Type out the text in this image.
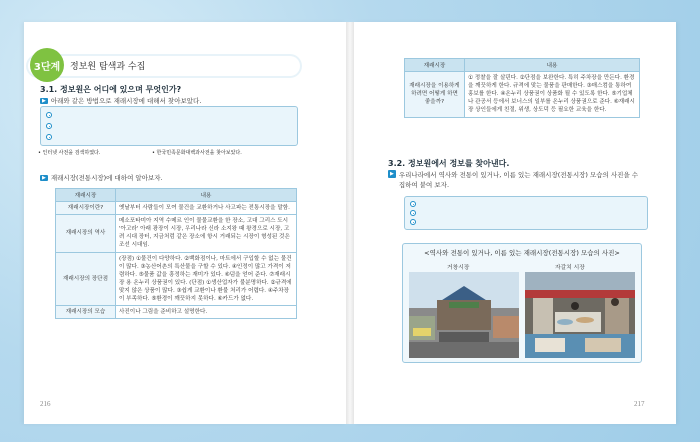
3단계	정보원 탐색과 수집
3.1. 정보원은 어디에 있으며 무엇인가?
▶ 아래와 같은 방법으로 재래시장에 대해서 찾아보았다.
• 인터넷 사전을 검색하였다.	• 한국민족문화대백과사전을 찾아보았다.
▶ 재래시장(전통시장)에 대하여 알아보자.
재래시장	내용
재래시장이란?	옛날부터 사람들이 모여 물건을 교환하거나 사고파는 전통시장을 말함.
재래시장의 역사	메소포타미아 지역 수메르 인이 물물교환을 한 장소, 고대 그리스 도시 '아고라' 아래 광장이 시장, 우리나라 신라 소지왕 때 왕경으로 시장, 고려 시대 장터, 지금처럼 같은 장소에 항시 거래되는 시장이 형성된 것은 조선 시대임.
재래시장의 장단점	(장점) ①물건이 다양하다. ②백화점이나, 마트에서 구입할 수 없는 물건이 많다. ③농산어촌의 특산물을 구할 수 있다. ④인정이 많고 가격이 저렴하다. ⑤물품 값을 흥정하는 재미가 있다. ⑥덤을 얻어 준다. ⑦재래시장 용 온누리 상품권이 있다. (단점) ①생산업자가 불분명하다. ②규격에 맞지 않은 상품이 많다. ③쉽게 교환이나 환불 처리가 어렵다. ④주차장이 부족하다. ⑤환경이 깨끗하지 못하다. ⑥카드가 없다.
재래시장의 모습	사진이나 그림을 준비하고 설명한다.
216
재래시장	내용
재래시장을 이용하게 하려면 어떻게 하면 좋을까?	① 정찰을 잘 살핀다. ②단점을 보완한다. 특히 주차장을 만든다. 환경을 깨끗하게 한다. 규격에 맞는 물품을 판매한다. ③매스컴을 통하여 홍보를 한다. ④온누리 상품권이 상품화 될 수 있도록 한다. ⑤기업체나 관공서 등에서 보너스의 일부를 온누리 상품권으로 준다. ⑥재래시장 상인들에게 친절, 위생, 상도덕 등 필요한 교육을 한다.
3.2. 정보원에서 정보를 찾아낸다.
▶ 우리나라에서 역사와 전통이 있거나, 이름 있는 재래시장(전통시장) 모습의 사진을 수집하여 붙여 보자.
<역사와 전통이 있거나, 이름 있는 재래시장(전통시장) 모습의 사진>
거창시장	자갈치 시장
217
